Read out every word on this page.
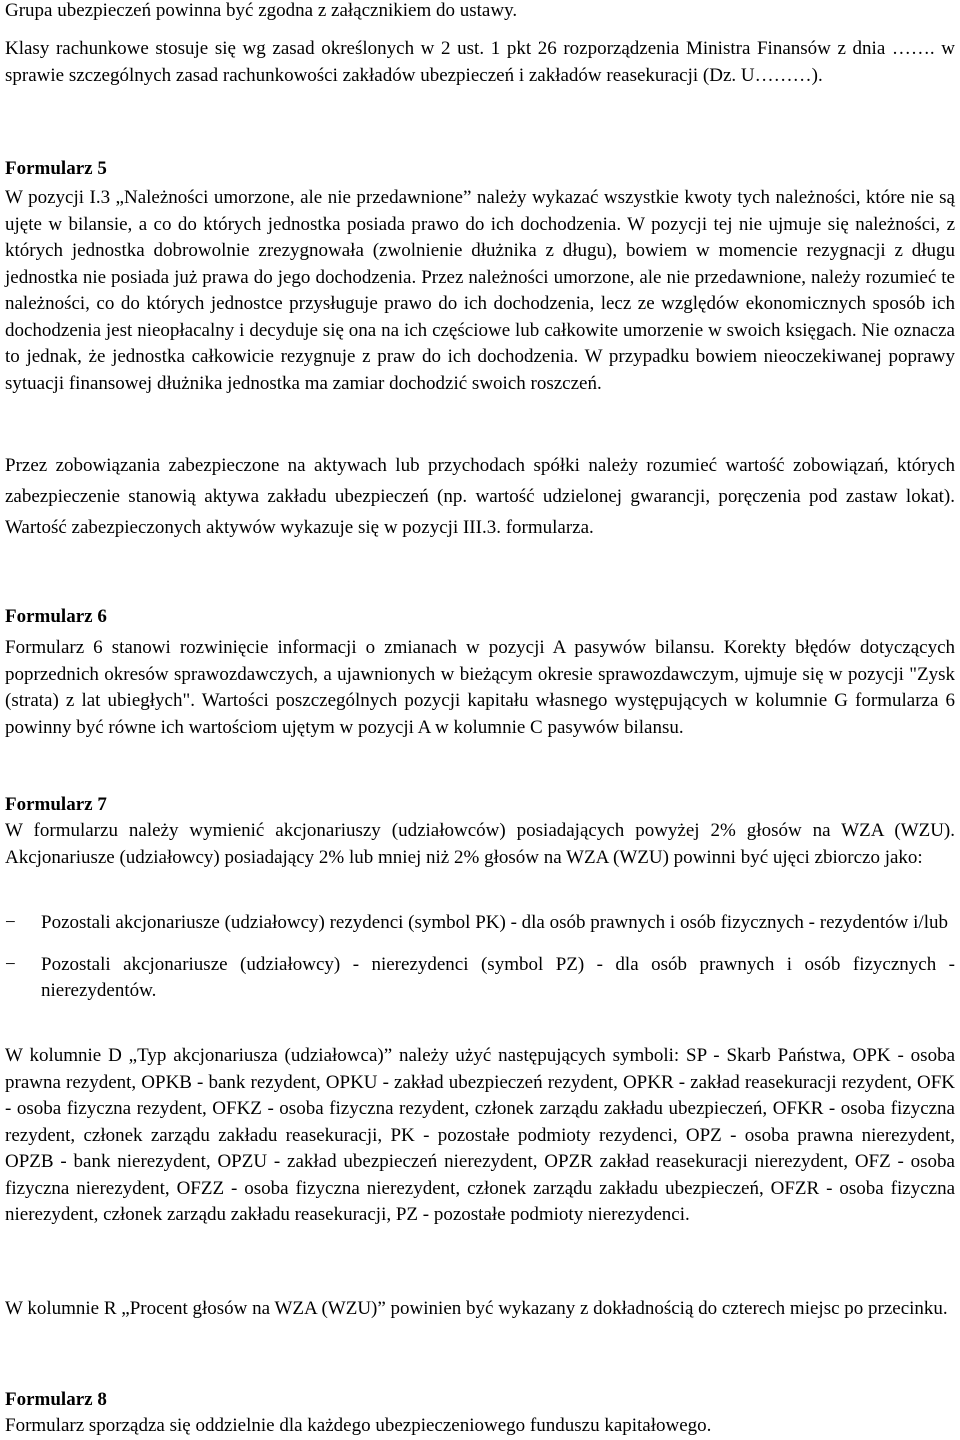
Grupa ubezpieczeń powinna być zgodna z załącznikiem do ustawy.

Klasy rachunkowe stosuje się wg zasad określonych w 2 ust. 1 pkt 26 rozporządzenia Ministra Finansów z dnia ……. w sprawie szczególnych zasad rachunkowości zakładów ubezpieczeń i zakładów reasekuracji (Dz. U………).

Formularz 5

W pozycji I.3 „Należności umorzone, ale nie przedawnione” należy wykazać wszystkie kwoty tych należności, które nie są ujęte w bilansie, a co do których jednostka posiada prawo do ich dochodzenia. W pozycji tej nie ujmuje się należności, z których jednostka dobrowolnie zrezygnowała (zwolnienie dłużnika z długu), bowiem w momencie rezygnacji z długu jednostka nie posiada już prawa do jego dochodzenia. Przez należności umorzone, ale nie przedawnione, należy rozumieć te należności, co do których jednostce przysługuje prawo do ich dochodzenia, lecz ze względów ekonomicznych sposób ich dochodzenia jest nieopłacalny i decyduje się ona na ich częściowe lub całkowite umorzenie w swoich księgach. Nie oznacza to jednak, że jednostka całkowicie rezygnuje z praw do ich dochodzenia. W przypadku bowiem nieoczekiwanej poprawy sytuacji finansowej dłużnika jednostka ma zamiar dochodzić swoich roszczeń.

Przez zobowiązania zabezpieczone na aktywach lub przychodach spółki należy rozumieć wartość zobowiązań, których zabezpieczenie stanowią aktywa zakładu ubezpieczeń (np. wartość udzielonej gwarancji, poręczenia pod zastaw lokat). Wartość zabezpieczonych aktywów wykazuje się w pozycji III.3. formularza.

Formularz 6

Formularz 6 stanowi rozwinięcie informacji o zmianach w pozycji A pasywów bilansu. Korekty błędów dotyczących poprzednich okresów sprawozdawczych, a ujawnionych w bieżącym okresie sprawozdawczym, ujmuje się w pozycji "Zysk (strata) z lat ubiegłych". Wartości poszczególnych pozycji kapitału własnego występujących w kolumnie G formularza 6 powinny być równe ich wartościom ujętym w pozycji A w kolumnie C pasywów bilansu.

Formularz 7

W formularzu należy wymienić akcjonariuszy (udziałowców) posiadających powyżej 2% głosów na WZA (WZU). Akcjonariusze (udziałowcy) posiadający 2% lub mniej niż 2% głosów na WZA (WZU) powinni być ujęci zbiorczo jako:

− Pozostali akcjonariusze (udziałowcy) rezydenci (symbol PK) - dla osób prawnych i osób fizycznych - rezydentów i/lub
− Pozostali akcjonariusze (udziałowcy) - nierezydenci (symbol PZ) - dla osób prawnych i osób fizycznych - nierezydentów.

W kolumnie D „Typ akcjonariusza (udziałowca)” należy użyć następujących symboli: SP - Skarb Państwa, OPK - osoba prawna rezydent, OPKB - bank rezydent, OPKU - zakład ubezpieczeń rezydent, OPKR - zakład reasekuracji rezydent, OFK - osoba fizyczna rezydent, OFKZ - osoba fizyczna rezydent, członek zarządu zakładu ubezpieczeń, OFKR - osoba fizyczna rezydent, członek zarządu zakładu reasekuracji, PK - pozostałe podmioty rezydenci, OPZ - osoba prawna nierezydent, OPZB - bank nierezydent, OPZU - zakład ubezpieczeń nierezydent, OPZR zakład reasekuracji nierezydent, OFZ - osoba fizyczna nierezydent, OFZZ - osoba fizyczna nierezydent, członek zarządu zakładu ubezpieczeń, OFZR - osoba fizyczna nierezydent, członek zarządu zakładu reasekuracji, PZ - pozostałe podmioty nierezydenci.

W kolumnie R „Procent głosów na WZA (WZU)” powinien być wykazany z dokładnością do czterech miejsc po przecinku.

Formularz 8

Formularz sporządza się oddzielnie dla każdego ubezpieczeniowego funduszu kapitałowego.
